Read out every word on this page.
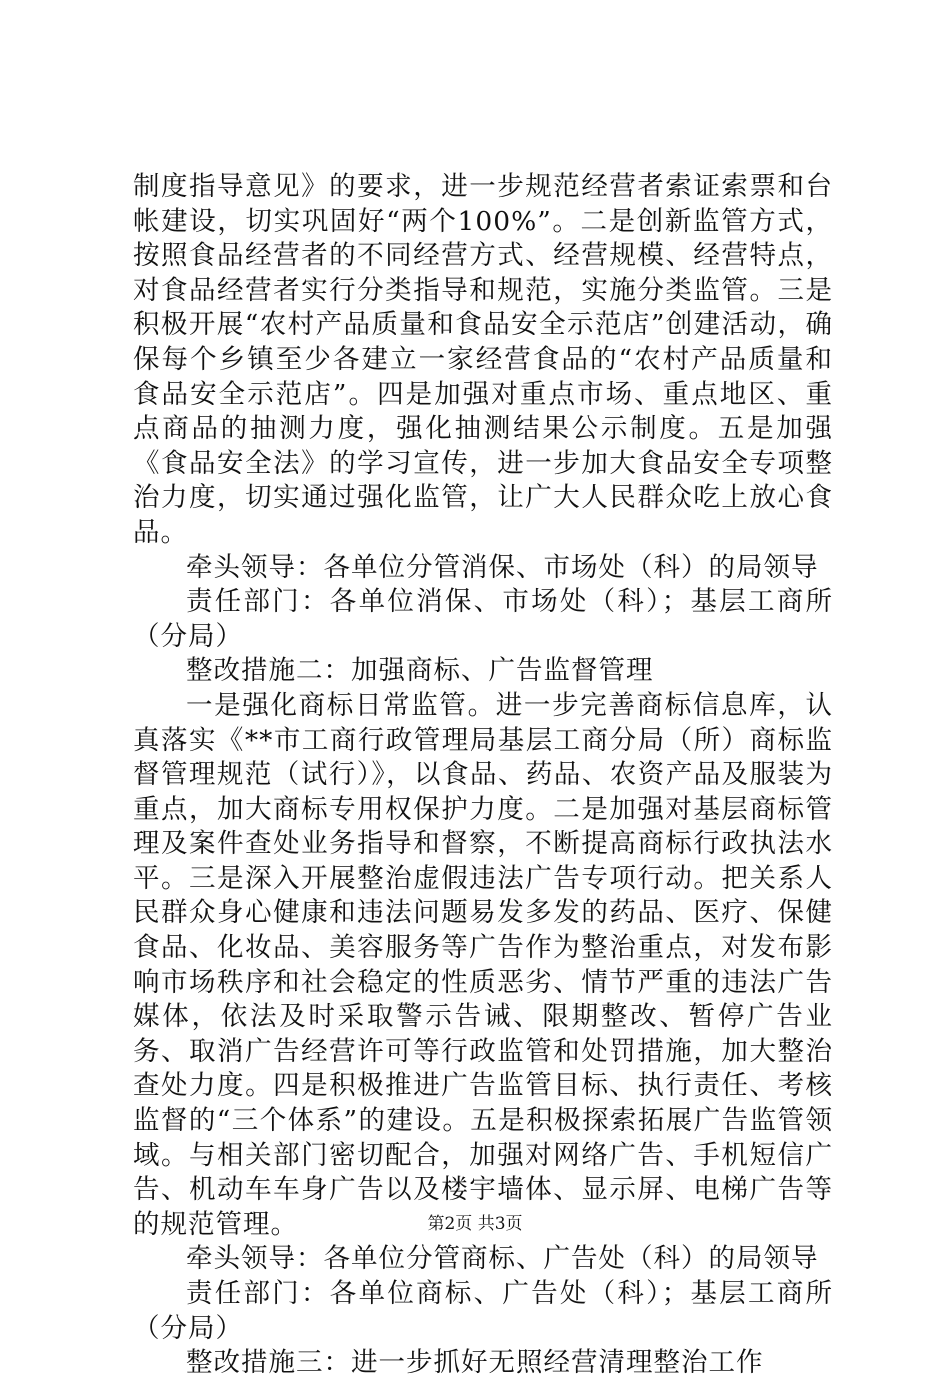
制度指导意见》的要求，进一步规范经营者索证索票和台帐建设，切实巩固好“两个100%”。二是创新监管方式，按照食品经营者的不同经营方式、经营规模、经营特点，对食品经营者实行分类指导和规范，实施分类监管。三是积极开展“农村产品质量和食品安全示范店”创建活动，确保每个乡镇至少各建立一家经营食品的“农村产品质量和食品安全示范店”。四是加强对重点市场、重点地区、重点商品的抽测力度，强化抽测结果公示制度。五是加强《食品安全法》的学习宣传，进一步加大食品安全专项整治力度，切实通过强化监管，让广大人民群众吃上放心食品。

牵头领导：各单位分管消保、市场处（科）的局领导

责任部门：各单位消保、市场处（科）；基层工商所（分局）

整改措施二：加强商标、广告监督管理

一是强化商标日常监管。进一步完善商标信息库，认真落实《**市工商行政管理局基层工商分局（所）商标监督管理规范（试行）》，以食品、药品、农资产品及服装为重点，加大商标专用权保护力度。二是加强对基层商标管理及案件查处业务指导和督察，不断提高商标行政执法水平。三是深入开展整治虚假违法广告专项行动。把关系人民群众身心健康和违法问题易发多发的药品、医疗、保健食品、化妆品、美容服务等广告作为整治重点，对发布影响市场秩序和社会稳定的性质恶劣、情节严重的违法广告媒体，依法及时采取警示告诫、限期整改、暂停广告业务、取消广告经营许可等行政监管和处罚措施，加大整治查处力度。四是积极推进广告监管目标、执行责任、考核监督的“三个体系”的建设。五是积极探索拓展广告监管领域。与相关部门密切配合，加强对网络广告、手机短信广告、机动车车身广告以及楼宇墙体、显示屏、电梯广告等的规范管理。

牵头领导：各单位分管商标、广告处（科）的局领导

责任部门：各单位商标、广告处（科）；基层工商所（分局）

整改措施三：进一步抓好无照经营清理整治工作

第2页 共3页
